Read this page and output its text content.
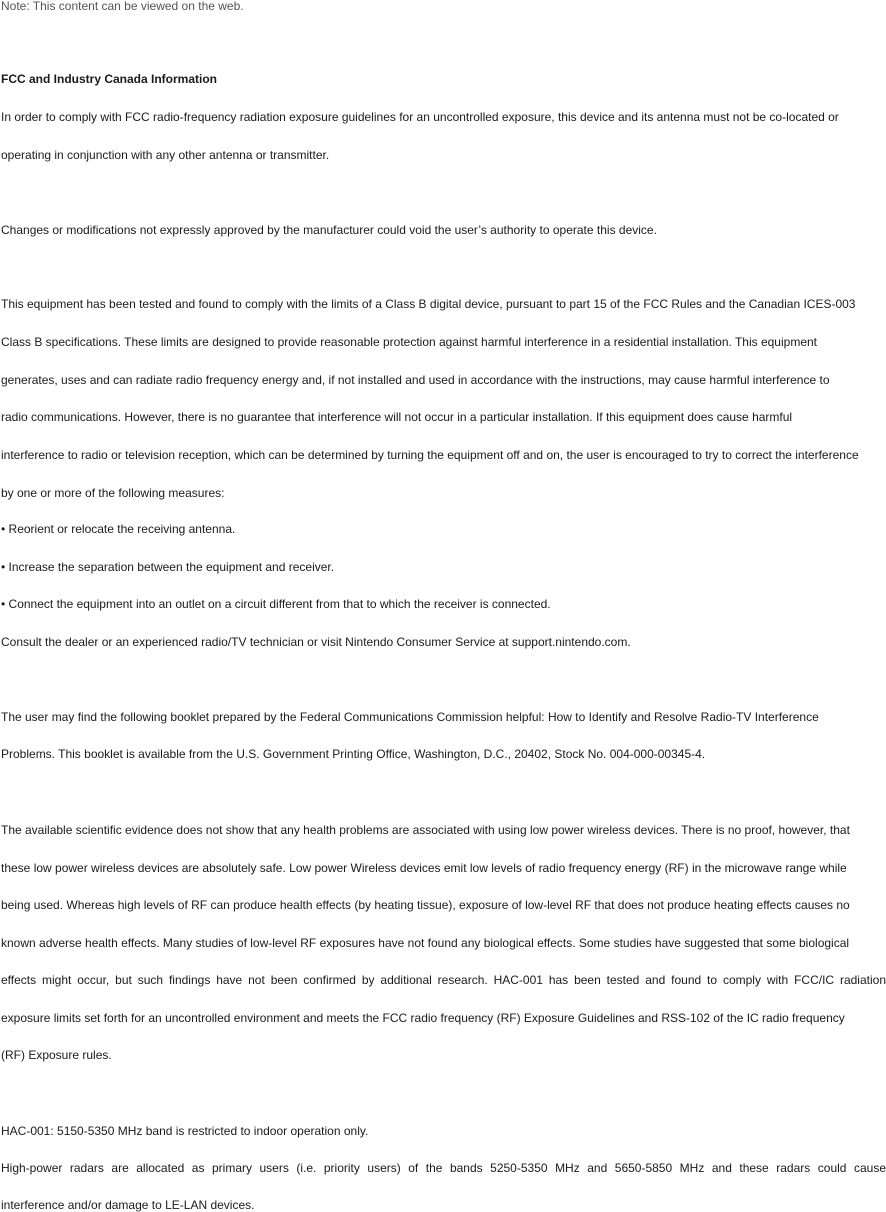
Note: This content can be viewed on the web.
FCC and Industry Canada Information
In order to comply with FCC radio-frequency radiation exposure guidelines for an uncontrolled exposure, this device and its antenna must not be co-located or
operating in conjunction with any other antenna or transmitter.
Changes or modifications not expressly approved by the manufacturer could void the user’s authority to operate this device.
This equipment has been tested and found to comply with the limits of a Class B digital device, pursuant to part 15 of the FCC Rules and the Canadian ICES-003
Class B specifications. These limits are designed to provide reasonable protection against harmful interference in a residential installation. This equipment
generates, uses and can radiate radio frequency energy and, if not installed and used in accordance with the instructions, may cause harmful interference to
radio communications. However, there is no guarantee that interference will not occur in a particular installation. If this equipment does cause harmful
interference to radio or television reception, which can be determined by turning the equipment off and on, the user is encouraged to try to correct the interference
by one or more of the following measures:
• Reorient or relocate the receiving antenna.
• Increase the separation between the equipment and receiver.
• Connect the equipment into an outlet on a circuit different from that to which the receiver is connected.
Consult the dealer or an experienced radio/TV technician or visit Nintendo Consumer Service at support.nintendo.com.
The user may find the following booklet prepared by the Federal Communications Commission helpful: How to Identify and Resolve Radio-TV Interference
Problems. This booklet is available from the U.S. Government Printing Office, Washington, D.C., 20402, Stock No. 004-000-00345-4.
The available scientific evidence does not show that any health problems are associated with using low power wireless devices. There is no proof, however, that
these low power wireless devices are absolutely safe. Low power Wireless devices emit low levels of radio frequency energy (RF) in the microwave range while
being used. Whereas high levels of RF can produce health effects (by heating tissue), exposure of low-level RF that does not produce heating effects causes no
known adverse health effects. Many studies of low-level RF exposures have not found any biological effects. Some studies have suggested that some biological
effects might occur, but such findings have not been confirmed by additional research. HAC-001 has been tested and found to comply with FCC/IC radiation
exposure limits set forth for an uncontrolled environment and meets the FCC radio frequency (RF) Exposure Guidelines and RSS-102 of the IC radio frequency
(RF) Exposure rules.
HAC-001: 5150-5350 MHz band is restricted to indoor operation only.
High-power radars are allocated as primary users (i.e. priority users) of the bands 5250-5350 MHz and 5650-5850 MHz and these radars could cause
interference and/or damage to LE-LAN devices.
